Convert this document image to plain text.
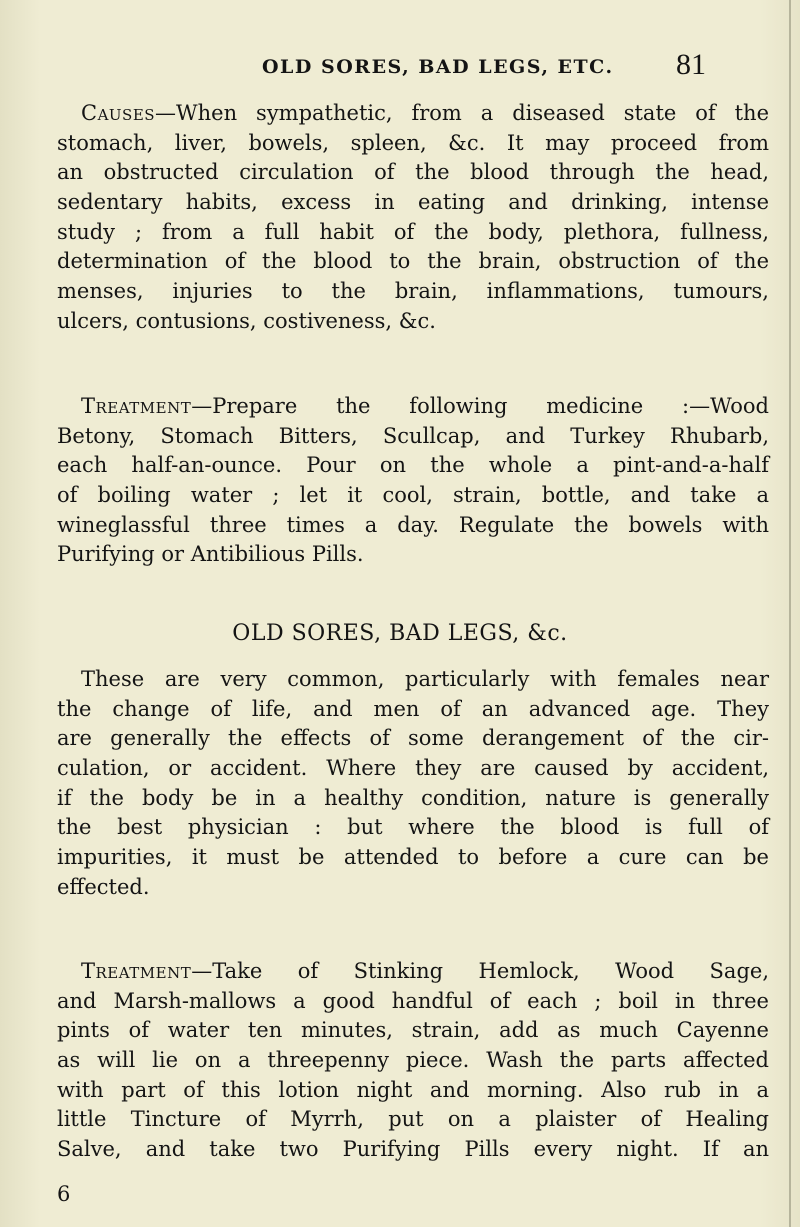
OLD SORES, BAD LEGS, ETC. 81
Causes—When sympathetic, from a diseased state of the
stomach, liver, bowels, spleen, &c. It may proceed from
an obstructed circulation of the blood through the head,
sedentary habits, excess in eating and drinking, intense
study ; from a full habit of the body, plethora, fullness,
determination of the blood to the brain, obstruction of the
menses, injuries to the brain, inflammations, tumours,
ulcers, contusions, costiveness, &c.
Treatment—Prepare the following medicine :—Wood
Betony, Stomach Bitters, Scullcap, and Turkey Rhubarb,
each half-an-ounce. Pour on the whole a pint-and-a-half
of boiling water ; let it cool, strain, bottle, and take a
wineglassful three times a day. Regulate the bowels with
Purifying or Antibilious Pills.
OLD SORES, BAD LEGS, &c.
These are very common, particularly with females near
the change of life, and men of an advanced age. They
are generally the effects of some derangement of the cir-
culation, or accident. Where they are caused by accident,
if the body be in a healthy condition, nature is generally
the best physician : but where the blood is full of
impurities, it must be attended to before a cure can be
effected.
Treatment—Take of Stinking Hemlock, Wood Sage,
and Marsh-mallows a good handful of each ; boil in three
pints of water ten minutes, strain, add as much Cayenne
as will lie on a threepenny piece. Wash the parts affected
with part of this lotion night and morning. Also rub in a
little Tincture of Myrrh, put on a plaister of Healing
Salve, and take two Purifying Pills every night. If an
6
